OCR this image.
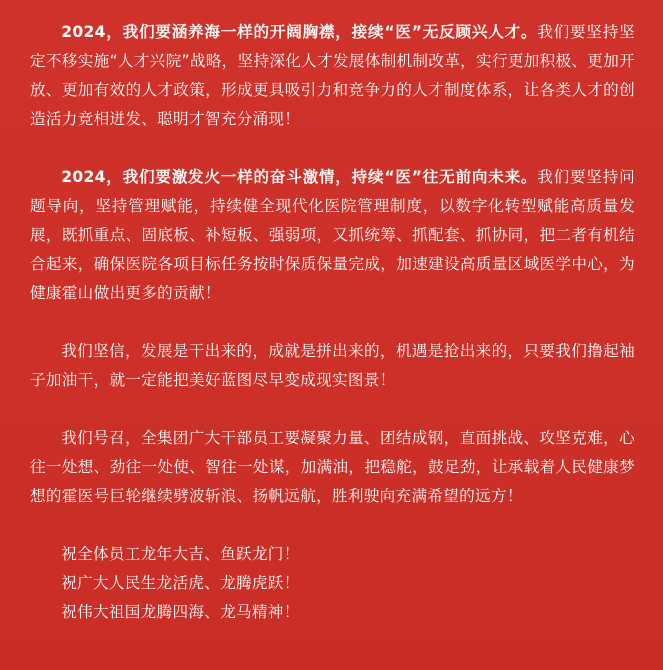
2024，我们要涵养海一样的开阔胸襟，接续“医”无反顾兴人才。我们要坚持坚定不移实施“人才兴院”战略，坚持深化人才发展体制机制改革，实行更加积极、更加开放、更加有效的人才政策，形成更具吸引力和竞争力的人才制度体系，让各类人才的创造活力竞相迸发、聪明才智充分涌现！

2024，我们要激发火一样的奋斗激情，持续“医”往无前向未来。我们要坚持问题导向，坚持管理赋能，持续健全现代化医院管理制度，以数字化转型赋能高质量发展，既抓重点、固底板、补短板、强弱项，又抓统筹、抓配套、抓协同，把二者有机结合起来，确保医院各项目标任务按时保质保量完成，加速建设高质量区域医学中心，为健康霍山做出更多的贡献！

我们坚信，发展是干出来的，成就是拼出来的，机遇是抢出来的，只要我们撸起袖子加油干，就一定能把美好蓝图尽早变成现实图景！

我们号召，全集团广大干部员工要凝聚力量、团结成钢，直面挑战、攻坚克难，心往一处想、劲往一处使、智往一处谋，加满油，把稳舵，鼓足劲，让承载着人民健康梦想的霍医号巨轮继续劈波斩浪、扬帆远航，胜利驶向充满希望的远方！

祝全体员工龙年大吉、鱼跃龙门！

祝广大人民生龙活虎、龙腾虎跃！

祝伟大祖国龙腾四海、龙马精神！
